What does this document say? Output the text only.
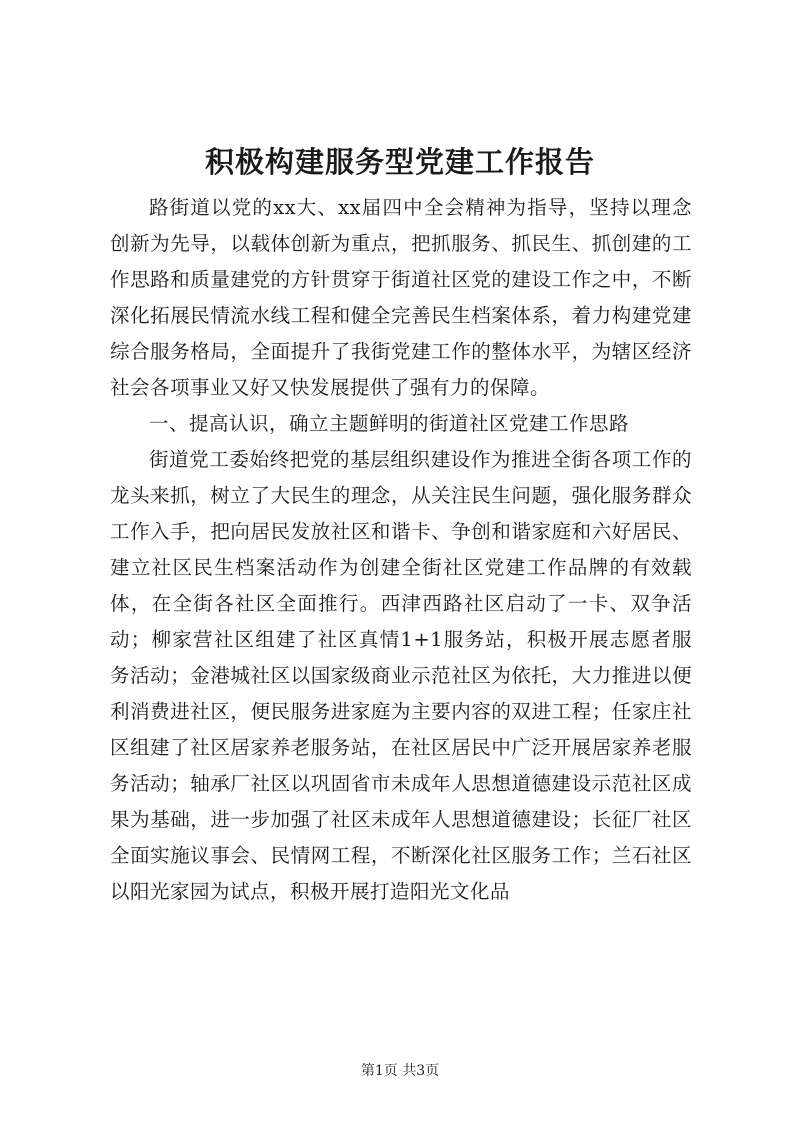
积极构建服务型党建工作报告

路街道以党的xx大、xx届四中全会精神为指导，坚持以理念创新为先导，以载体创新为重点，把抓服务、抓民生、抓创建的工作思路和质量建党的方针贯穿于街道社区党的建设工作之中，不断深化拓展民情流水线工程和健全完善民生档案体系，着力构建党建综合服务格局，全面提升了我街党建工作的整体水平，为辖区经济社会各项事业又好又快发展提供了强有力的保障。

一、提高认识，确立主题鲜明的街道社区党建工作思路

街道党工委始终把党的基层组织建设作为推进全街各项工作的龙头来抓，树立了大民生的理念，从关注民生问题，强化服务群众工作入手，把向居民发放社区和谐卡、争创和谐家庭和六好居民、建立社区民生档案活动作为创建全街社区党建工作品牌的有效载体，在全街各社区全面推行。西津西路社区启动了一卡、双争活动；柳家营社区组建了社区真情1+1服务站，积极开展志愿者服务活动；金港城社区以国家级商业示范社区为依托，大力推进以便利消费进社区，便民服务进家庭为主要内容的双进工程；任家庄社区组建了社区居家养老服务站，在社区居民中广泛开展居家养老服务活动；轴承厂社区以巩固省市未成年人思想道德建设示范社区成果为基础，进一步加强了社区未成年人思想道德建设；长征厂社区全面实施议事会、民情网工程，不断深化社区服务工作；兰石社区以阳光家园为试点，积极开展打造阳光文化品

第1页 共3页
